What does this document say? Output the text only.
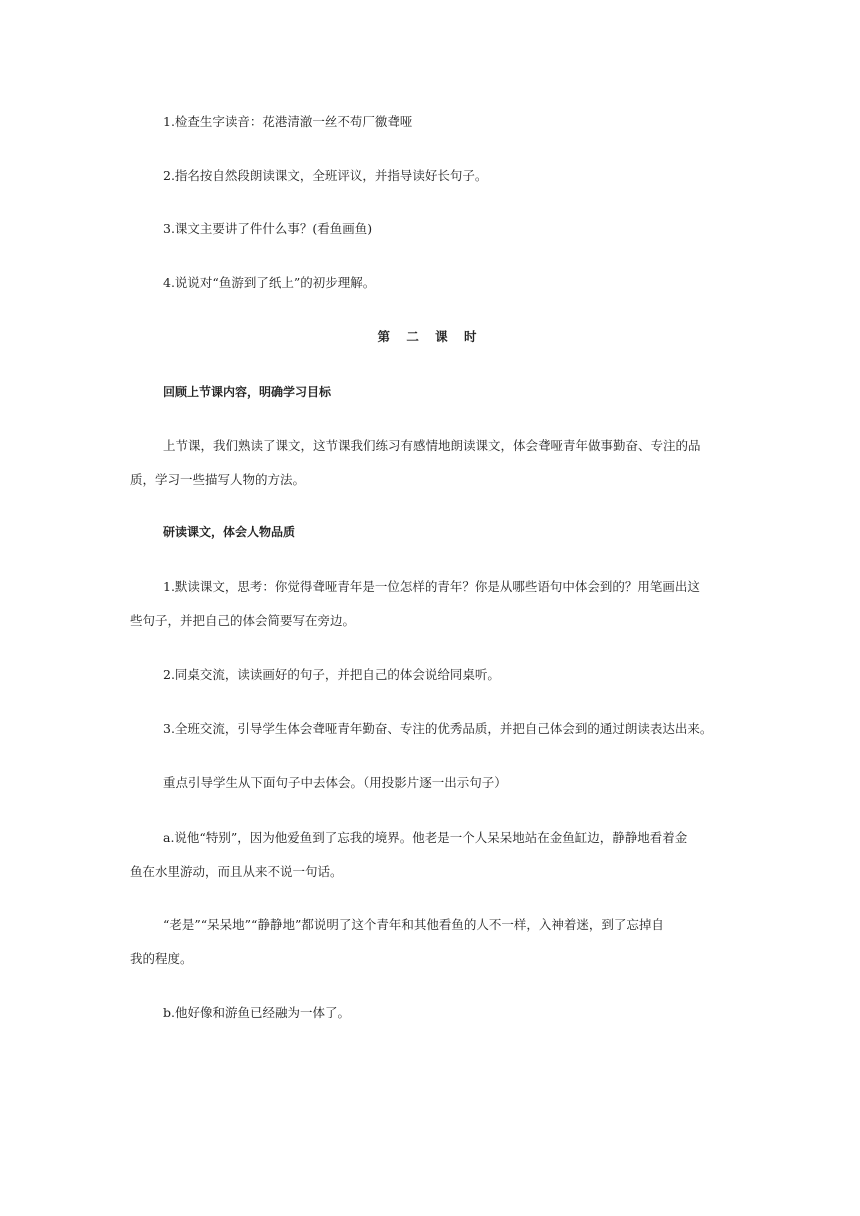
1.检查生字读音：花港清澈一丝不苟厂徼聋哑

2.指名按自然段朗读课文，全班评议，并指导读好长句子。

3.课文主要讲了件什么事？(看鱼画鱼)

4.说说对“鱼游到了纸上”的初步理解。

第 二 课 时

回顾上节课内容，明确学习目标

上节课，我们熟读了课文，这节课我们练习有感情地朗读课文，体会聋哑青年做事勤奋、专注的品

质，学习一些描写人物的方法。

研读课文，体会人物品质

1.默读课文，思考：你觉得聋哑青年是一位怎样的青年？你是从哪些语句中体会到的？用笔画出这

些句子，并把自己的体会简要写在旁边。

2.同桌交流，读读画好的句子，并把自己的体会说给同桌听。

3.全班交流，引导学生体会聋哑青年勤奋、专注的优秀品质，并把自己体会到的通过朗读表达出来。

重点引导学生从下面句子中去体会。（用投影片逐一出示句子）

a.说他“特别”，因为他爱鱼到了忘我的境界。他老是一个人呆呆地站在金鱼缸边，静静地看着金

鱼在水里游动，而且从来不说一句话。

“老是”“呆呆地”“静静地”都说明了这个青年和其他看鱼的人不一样，入神着迷，到了忘掉自

我的程度。

b.他好像和游鱼已经融为一体了。
